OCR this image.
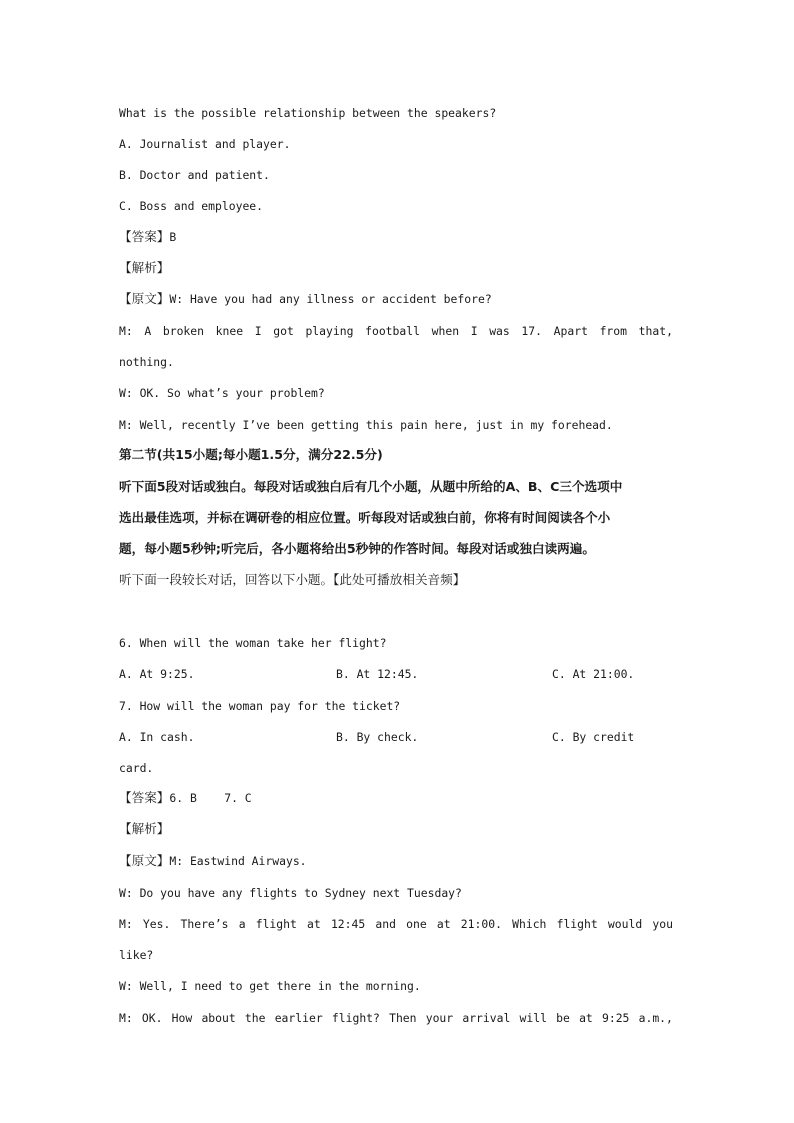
What is the possible relationship between the speakers?
A. Journalist and player.
B. Doctor and patient.
C. Boss and employee.
【答案】B
【解析】
【原文】W: Have you had any illness or accident before?
M: A broken knee I got playing football when I was 17. Apart from that,
nothing.
W: OK. So what’s your problem?
M: Well, recently I’ve been getting this pain here, just in my forehead.
第二节(共15小题;每小题1.5分，满分22.5分)
听下面5段对话或独白。每段对话或独白后有几个小题，从题中所给的A、B、C三个选项中
选出最佳选项，并标在调研卷的相应位置。听每段对话或独白前，你将有时间阅读各个小
题，每小题5秒钟;听完后，各小题将给出5秒钟的作答时间。每段对话或独白读两遍。
听下面一段较长对话，回答以下小题。【此处可播放相关音频】
6. When will the woman take her flight?
A. At 9:25.	B. At 12:45.	C. At 21:00.
7. How will the woman pay for the ticket?
A. In cash.	B. By check.	C. By credit
card.
【答案】6. B    7. C
【解析】
【原文】M: Eastwind Airways.
W: Do you have any flights to Sydney next Tuesday?
M: Yes. There’s a flight at 12:45 and one at 21:00. Which flight would you
like?
W: Well, I need to get there in the morning.
M: OK. How about the earlier flight? Then your arrival will be at 9:25 a.m.,
